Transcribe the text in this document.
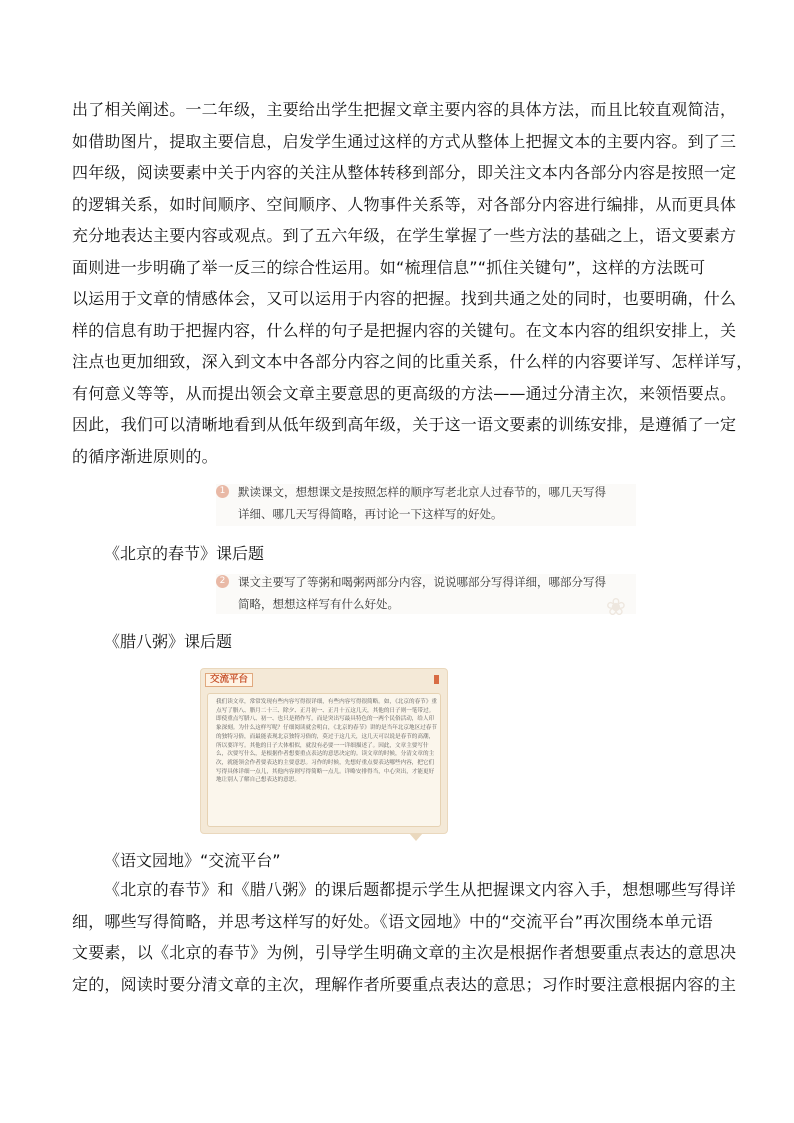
出了相关阐述。一二年级，主要给出学生把握文章主要内容的具体方法，而且比较直观简洁，
如借助图片，提取主要信息，启发学生通过这样的方式从整体上把握文本的主要内容。到了三
四年级，阅读要素中关于内容的关注从整体转移到部分，即关注文本内各部分内容是按照一定
的逻辑关系，如时间顺序、空间顺序、人物事件关系等，对各部分内容进行编排，从而更具体
充分地表达主要内容或观点。到了五六年级，在学生掌握了一些方法的基础之上，语文要素方
面则进一步明确了举一反三的综合性运用。如“梳理信息”“抓住关键句”，这样的方法既可
以运用于文章的情感体会，又可以运用于内容的把握。找到共通之处的同时，也要明确，什么
样的信息有助于把握内容，什么样的句子是把握内容的关键句。在文本内容的组织安排上，关
注点也更加细致，深入到文本中各部分内容之间的比重关系，什么样的内容要详写、怎样详写，
有何意义等等，从而提出领会文章主要意思的更高级的方法——通过分清主次，来领悟要点。
因此，我们可以清晰地看到从低年级到高年级，关于这一语文要素的训练安排，是遵循了一定
的循序渐进原则的。
1	默读课文，想想课文是按照怎样的顺序写老北京人过春节的，哪几天写得
详细、哪几天写得简略，再讨论一下这样写的好处。
《北京的春节》课后题
2	课文主要写了等粥和喝粥两部分内容，说说哪部分写得详细，哪部分写得
简略，想想这样写有什么好处。	❀
《腊八粥》课后题
交流平台

我们读文章，常常发现有些内容写得很详细，有些内容写得很简略。如，《北京的春节》重点写了腊八、腊月二十三、除夕、正月初一、正月十五这几天，其他的日子则一笔带过。即使重点写腊八、初一、也只是稍作写，而是突出写最具特色的一两个民俗活动，给人印象深刻。为什么这样写呢？仔细阅读就会明白，《北京的春节》讲的是当年北京地区过春节的独特习俗，而最能表现北京独特习俗的，莫过于这几天，这几天可以说是春节的高潮，所以要详写。其他的日子大体相似，就没有必要一一详细描述了。因此，文章主要写什么，次要写什么，是根据作者想要重点表达的意思决定的。读文章的时候，分清文章的主次，就能领会作者要表达的主要意思。习作的时候，先想好重点要表达哪些内容，把它们写得具体详细一点儿，其他内容则写得简略一点儿。详略安排得当，中心突出，才能更好地让别人了解自己想表达的意思。

《语文园地》“交流平台”
《北京的春节》和《腊八粥》的课后题都提示学生从把握课文内容入手，想想哪些写得详
细，哪些写得简略，并思考这样写的好处。《语文园地》中的“交流平台”再次围绕本单元语
文要素，以《北京的春节》为例，引导学生明确文章的主次是根据作者想要重点表达的意思决
定的，阅读时要分清文章的主次，理解作者所要重点表达的意思；习作时要注意根据内容的主
